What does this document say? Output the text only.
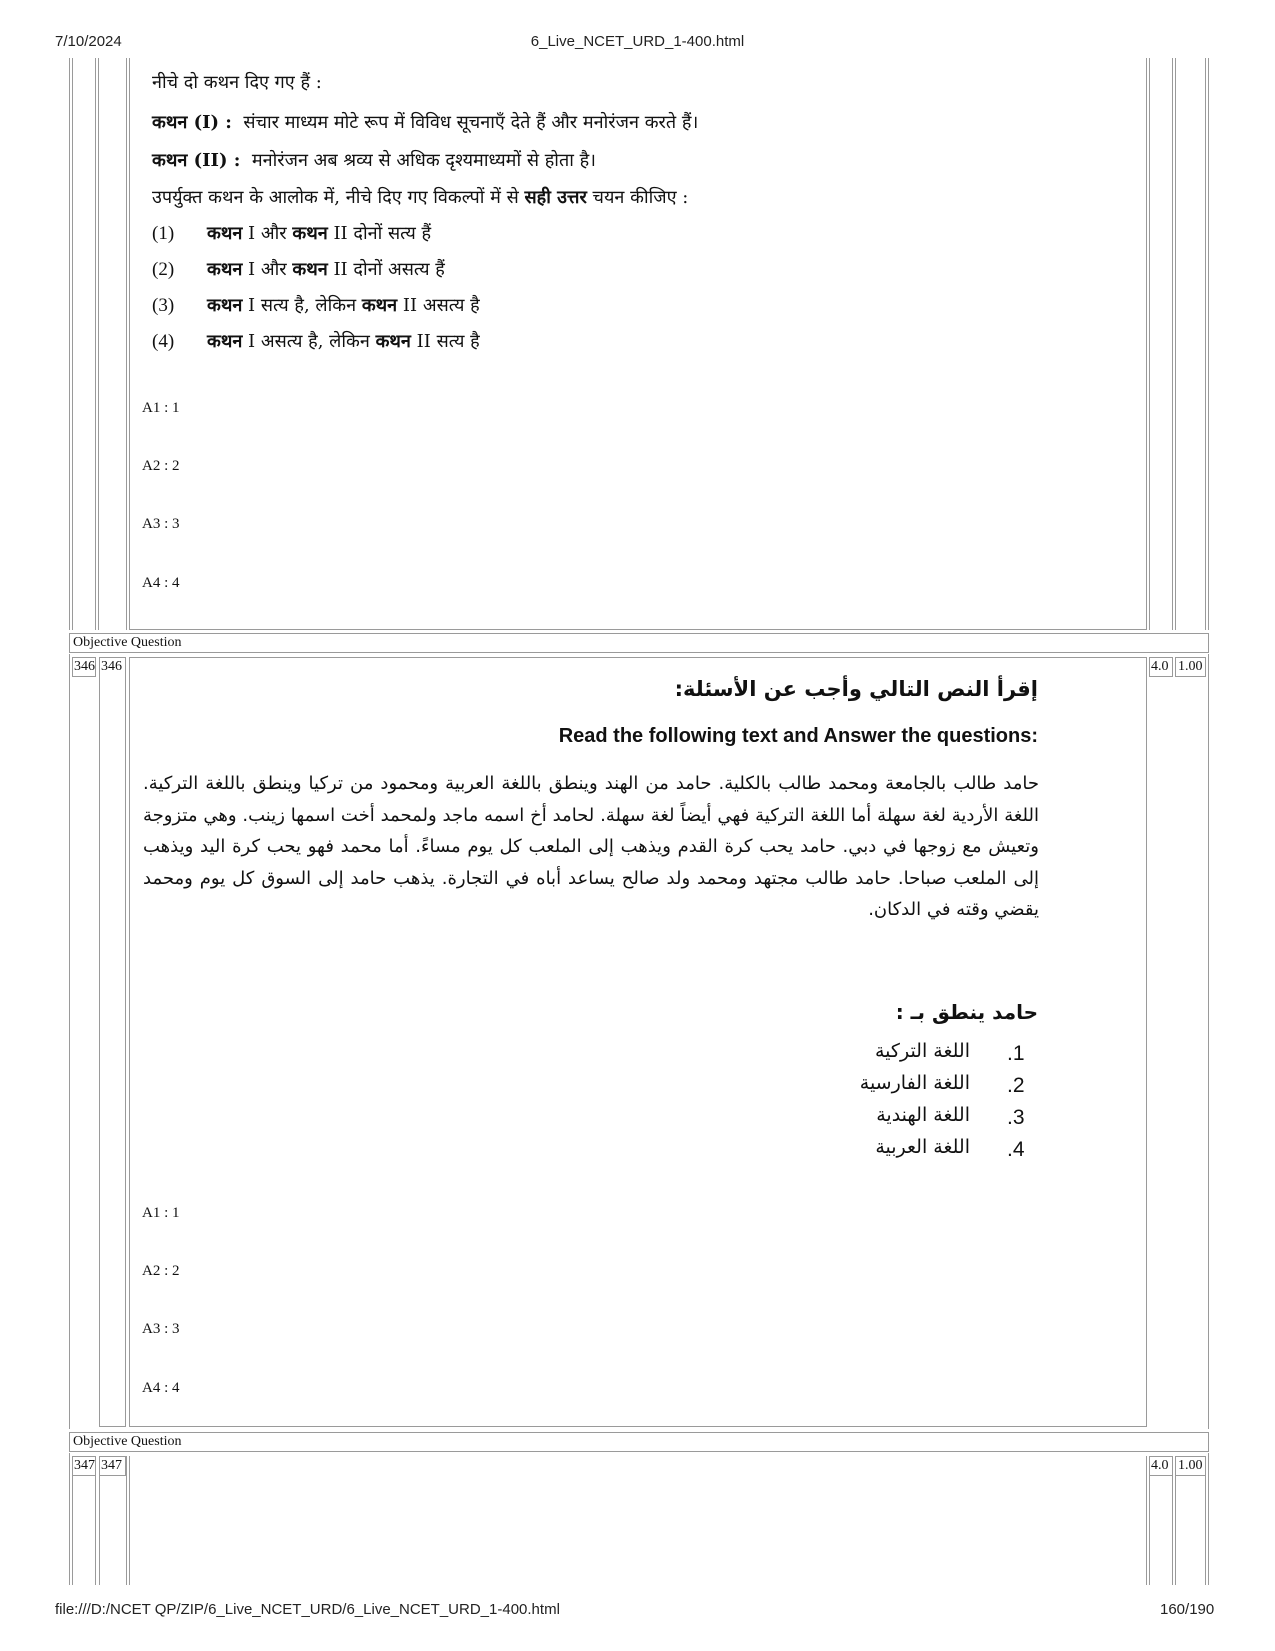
7/10/2024	6_Live_NCET_URD_1-400.html
file:///D:/NCET QP/ZIP/6_Live_NCET_URD/6_Live_NCET_URD_1-400.html	160/190
नीचे दो कथन दिए गए हैं :
कथन (I) : संचार माध्यम मोटे रूप में विविध सूचनाएँ देते हैं और मनोरंजन करते हैं।
कथन (II) : मनोरंजन अब श्रव्य से अधिक दृश्यमाध्यमों से होता है।
उपर्युक्त कथन के आलोक में, नीचे दिए गए विकल्पों में से सही उत्तर चयन कीजिए :
(1) कथन I और कथन II दोनों सत्य हैं
(2) कथन I और कथन II दोनों असत्य हैं
(3) कथन I सत्य है, लेकिन कथन II असत्य है
(4) कथन I असत्य है, लेकिन कथन II सत्य है
A1 : 1
A2 : 2
A3 : 3
A4 : 4
Objective Question
346 346	4.0 1.00
إقرأ النص التالي وأجب عن الأسئلة:
Read the following text and Answer the questions:
حامد طالب بالجامعة ومحمد طالب بالكلية. حامد من الهند وينطق باللغة العربية ومحمود من تركيا وينطق باللغة التركية. اللغة الأردية لغة سهلة أما اللغة التركية فهي أيضاً لغة سهلة. لحامد أخ اسمه ماجد ولمحمد أخت اسمها زينب. وهي متزوجة وتعيش مع زوجها في دبي. حامد يحب كرة القدم ويذهب إلى الملعب كل يوم مساءً. أما محمد فهو يحب كرة اليد ويذهب إلى الملعب صباحا. حامد طالب مجتهد ومحمد ولد صالح يساعد أباه في التجارة. يذهب حامد إلى السوق كل يوم ومحمد يقضي وقته في الدكان.
حامد ينطق بـ :
اللغة التركية .1
اللغة الفارسية .2
اللغة الهندية .3
اللغة العربية .4
A1 : 1
A2 : 2
A3 : 3
A4 : 4
Objective Question
347 347	4.0 1.00
